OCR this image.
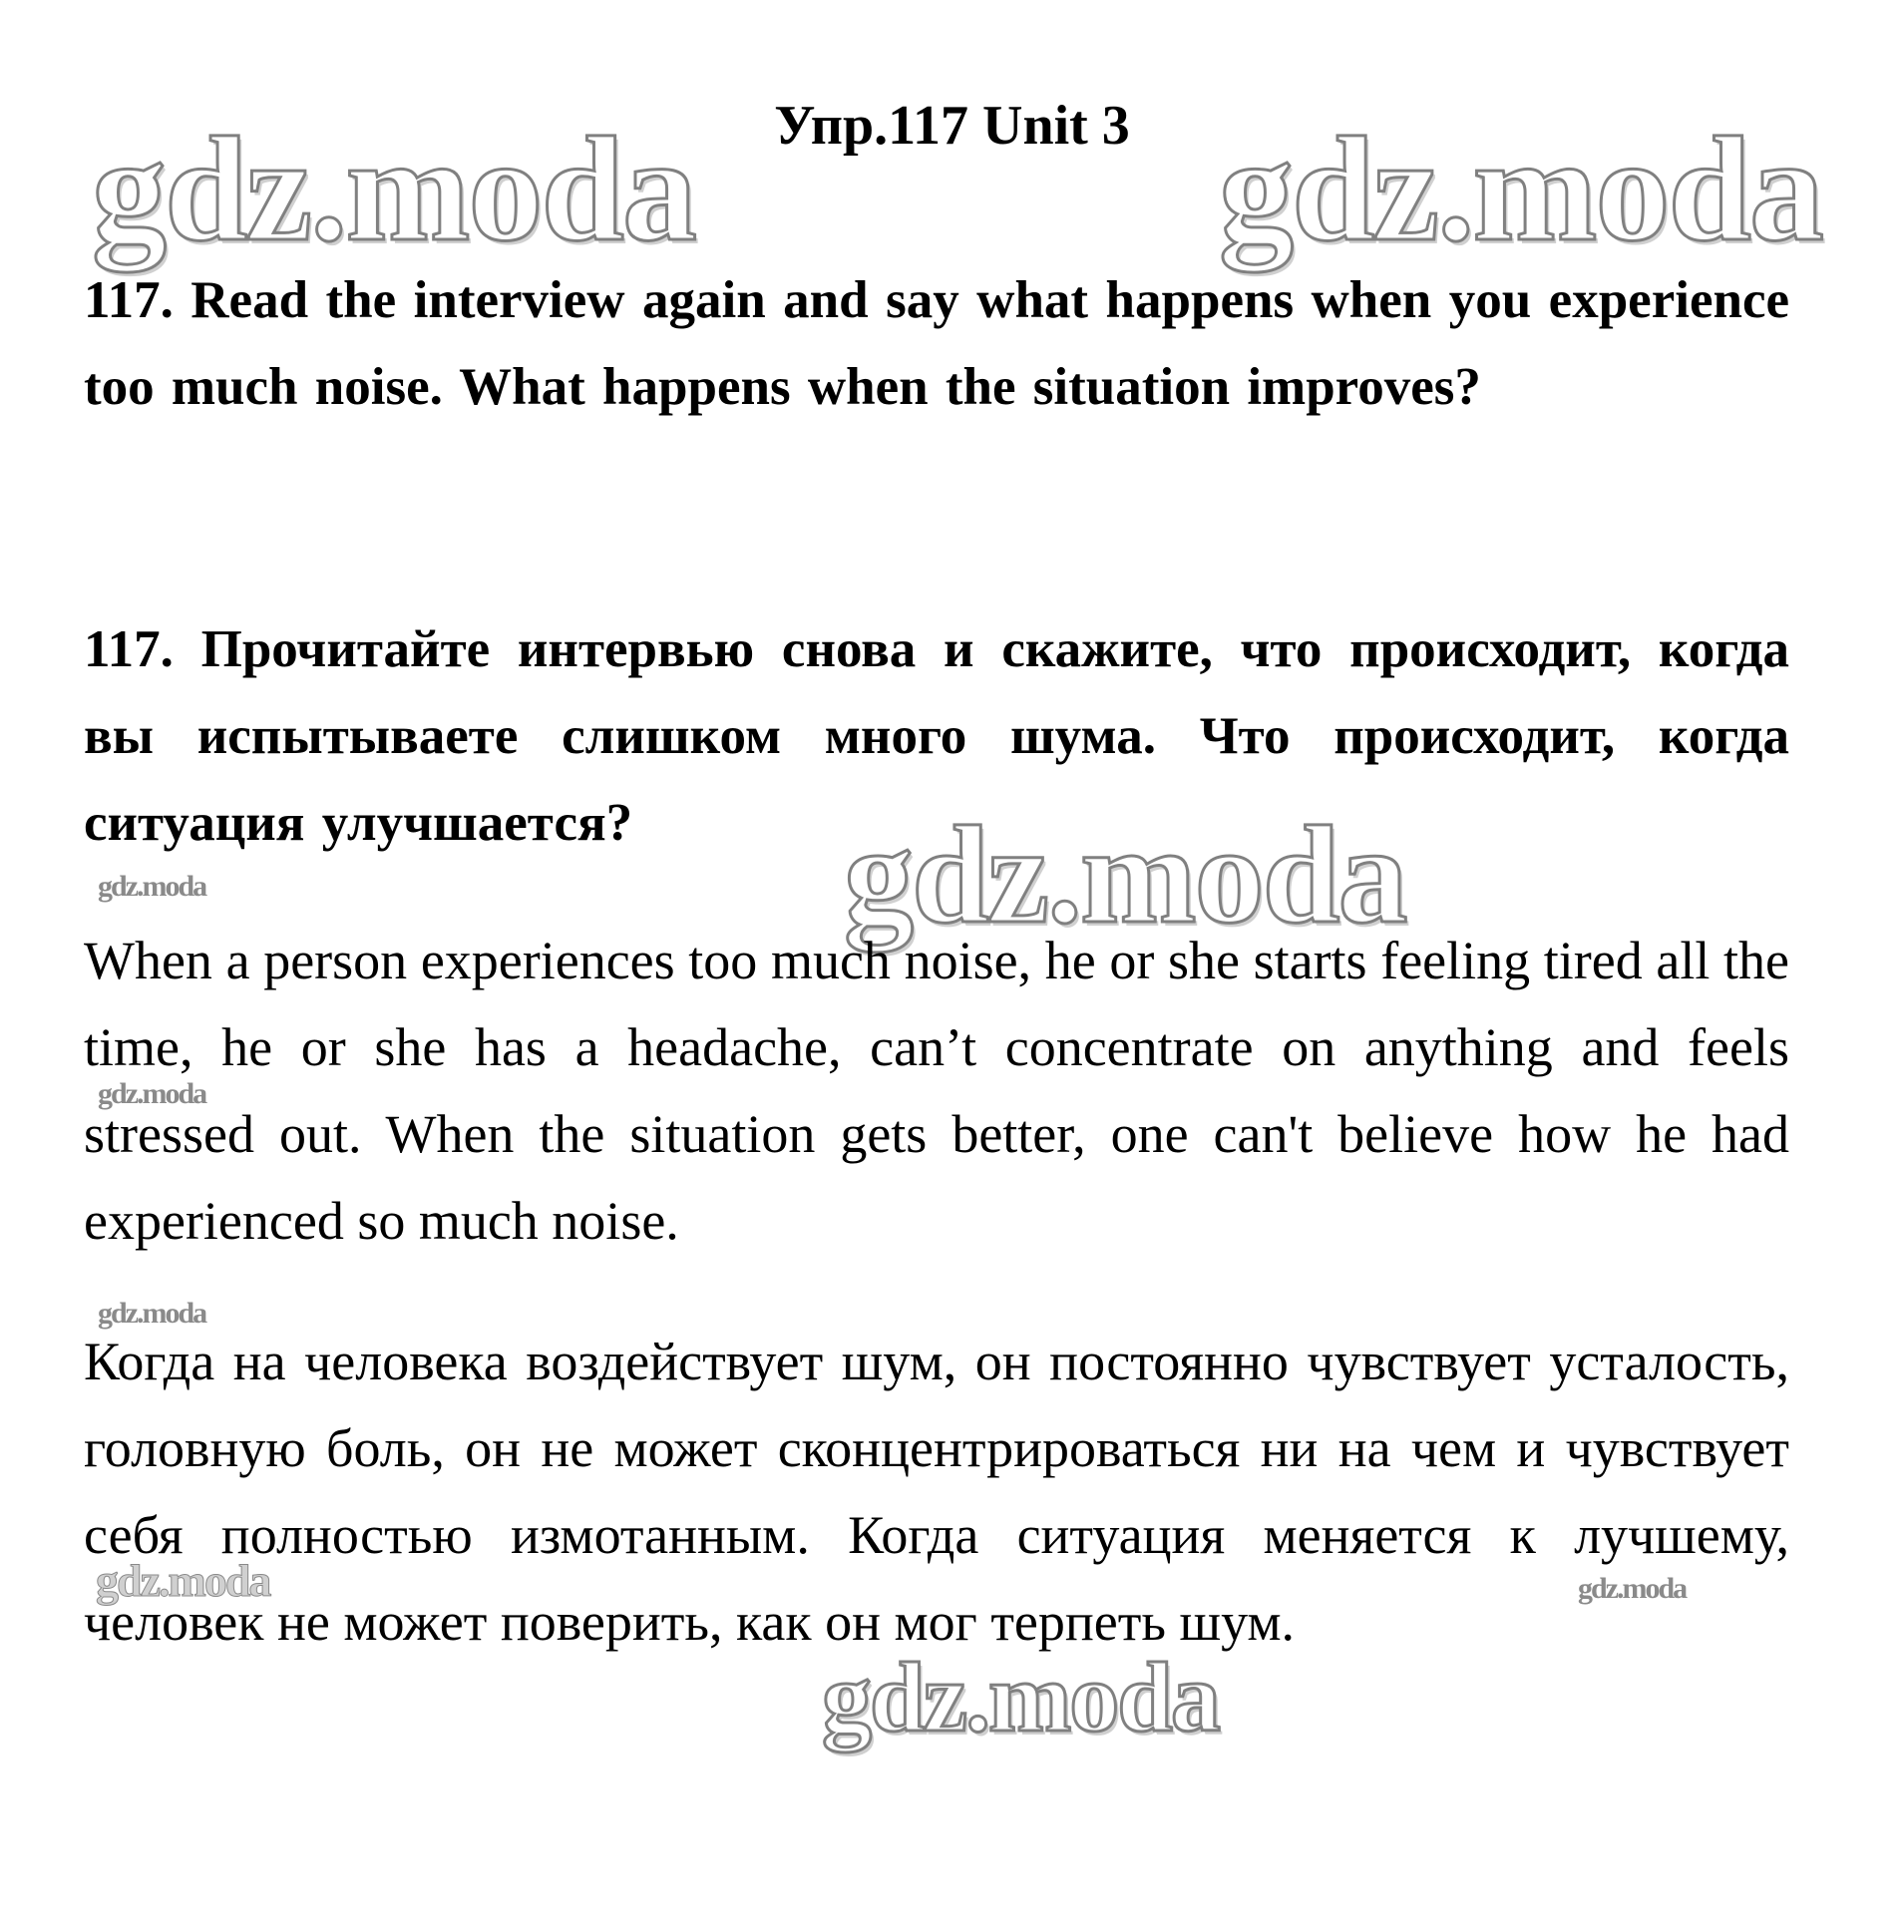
gdz.moda	gdz.moda
gdz.moda
gdz.moda
gdz.moda
gdz.moda
gdz.moda	gdz.moda
gdz.moda
Упр.117 Unit 3
117. Read the interview again and say what happens when you experience too much noise. What happens when the situation improves?
117. Прочитайте интервью снова и скажите, что происходит, когда вы испытываете слишком много шума. Что происходит, когда ситуация улучшается?
When a person experiences too much noise, he or she starts feeling tired all the time, he or she has a headache, can’t concentrate on anything and feels stressed out. When the situation gets better, one can't believe how he had experienced so much noise.
Когда на человека воздействует шум, он постоянно чувствует усталость, головную боль, он не может сконцентрироваться ни на чем и чувствует себя полностью измотанным. Когда ситуация меняется к лучшему, человек не может поверить, как он мог терпеть шум.
